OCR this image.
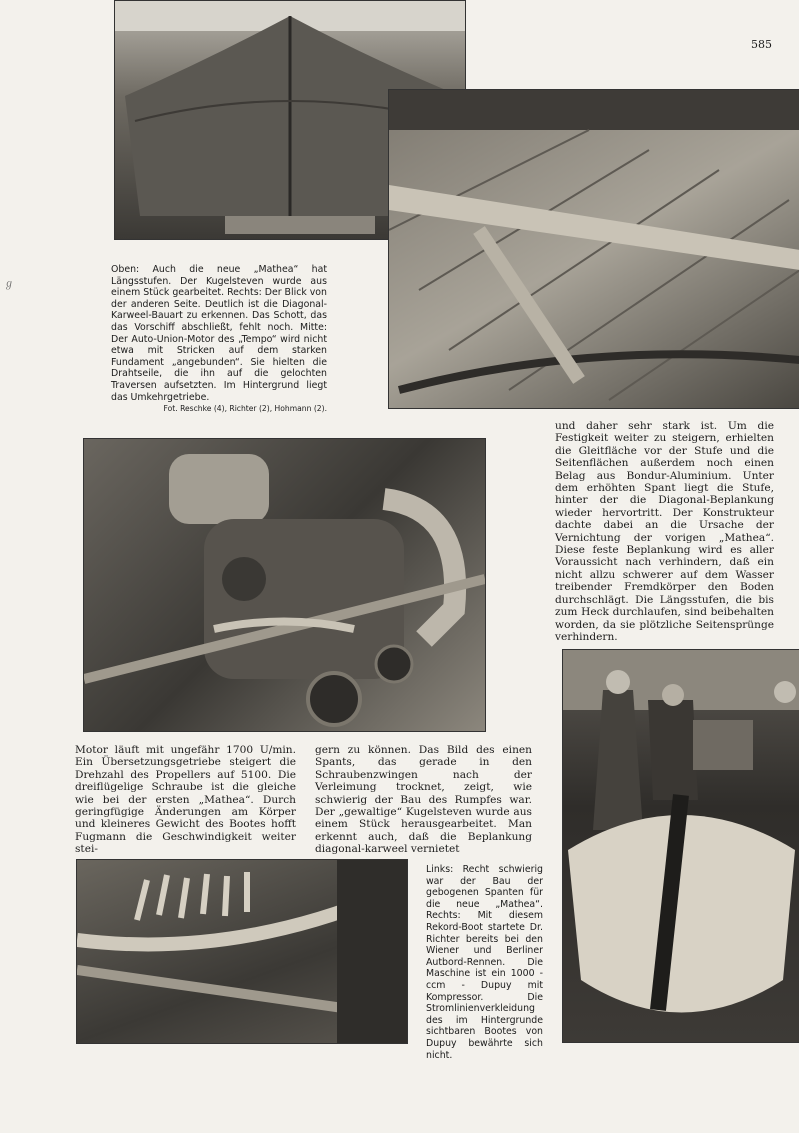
585
ℊ

Oben: Auch die neue „Mathea“ hat Längsstufen. Der Kugelsteven wurde aus einem Stück gearbeitet. Rechts: Der Blick von der anderen Seite. Deutlich ist die Diagonal-Karweel-Bauart zu erkennen. Das Schott, das das Vorschiff abschließt, fehlt noch. Mitte: Der Auto-Union-Motor des „Tempo“ wird nicht etwa mit Stricken auf dem starken Fundament „angebunden“. Sie hielten die Drahtseile, die ihn auf die gelochten Traversen aufsetzten. Im Hintergrund liegt das Umkehrgetriebe.

Fot. Reschke (4), Richter (2), Hohmann (2).

und daher sehr stark ist. Um die Festigkeit weiter zu steigern, erhielten die Gleitfläche vor der Stufe und die Seitenflächen außerdem noch einen Belag aus Bondur-Aluminium. Unter dem erhöhten Spant liegt die Stufe, hinter der die Diagonal-Beplankung wieder hervortritt. Der Konstrukteur dachte dabei an die Ursache der Vernichtung der vorigen „Mathea“. Diese feste Beplankung wird es aller Voraussicht nach verhindern, daß ein nicht allzu schwerer auf dem Wasser treibender Fremdkörper den Boden durchschlägt. Die Längsstufen, die bis zum Heck durchlaufen, sind beibehalten worden, da sie plötzliche Seitensprünge verhindern.

Motor läuft mit ungefähr 1700 U/min. Ein Übersetzungsgetriebe steigert die Drehzahl des Propellers auf 5100. Die dreiflügelige Schraube ist die gleiche wie bei der ersten „Mathea“. Durch geringfügige Änderungen am Körper und kleineres Gewicht des Bootes hofft Fugmann die Geschwindigkeit weiter stei-

gern zu können. Das Bild des einen Spants, das gerade in den Schraubenzwingen nach der Verleimung trocknet, zeigt, wie schwierig der Bau des Rumpfes war. Der „gewaltige“ Kugelsteven wurde aus einem Stück herausgearbeitet. Man erkennt auch, daß die Beplankung diagonal-karweel vernietet

Links: Recht schwierig war der Bau der gebogenen Spanten für die neue „Mathea“. Rechts: Mit diesem Rekord-Boot startete Dr. Richter bereits bei den Wiener und Berliner Autbord-Rennen. Die Maschine ist ein 1000 - ccm - Dupuy mit Kompressor. Die Stromlinienverkleidung des im Hintergrunde sichtbaren Bootes von Dupuy bewährte sich nicht.
